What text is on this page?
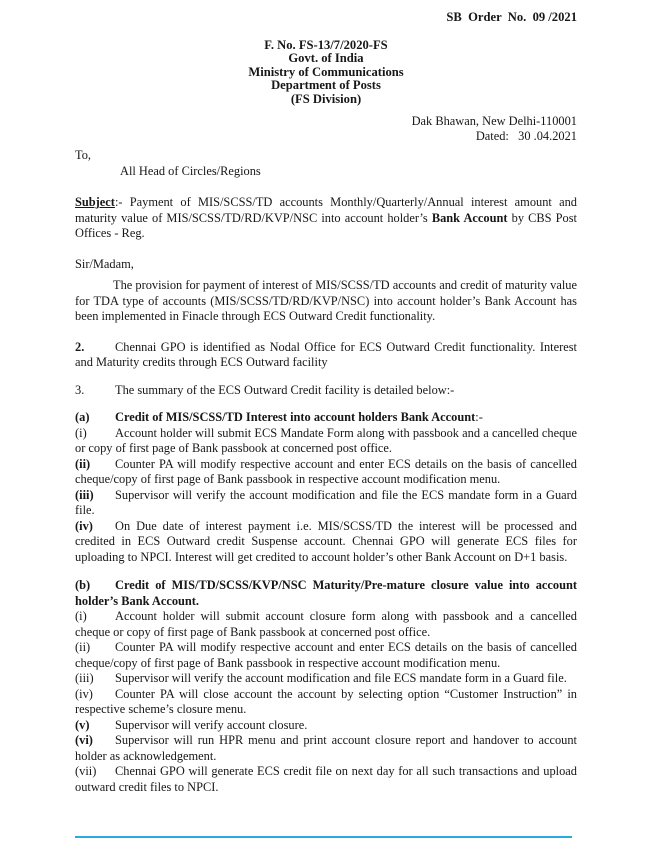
SB  Order  No.  09 /2021

F. No. FS-13/7/2020-FS
Govt. of India
Ministry of Communications
Department of Posts
(FS Division)
Dak Bhawan, New Delhi-110001
Dated:   30 .04.2021

To,

All Head of Circles/Regions

Subject:- Payment of MIS/SCSS/TD accounts Monthly/Quarterly/Annual interest amount and maturity value of MIS/SCSS/TD/RD/KVP/NSC into account holder’s Bank Account by CBS Post Offices - Reg.

Sir/Madam,

The provision for payment of interest of MIS/SCSS/TD accounts and credit of maturity value for TDA type of accounts (MIS/SCSS/TD/RD/KVP/NSC) into account holder’s Bank Account has been implemented in Finacle through ECS Outward Credit functionality.

2. Chennai GPO is identified as Nodal Office for ECS Outward Credit functionality. Interest and Maturity credits through ECS Outward facility

3. The summary of the ECS Outward Credit facility is detailed below:-

(a) Credit of MIS/SCSS/TD Interest into account holders Bank Account:-

(i) Account holder will submit ECS Mandate Form along with passbook and a cancelled cheque or copy of first page of Bank passbook at concerned post office.

(ii) Counter PA will modify respective account and enter ECS details on the basis of cancelled cheque/copy of first page of Bank passbook in respective account modification menu.

(iii) Supervisor will verify the account modification and file the ECS mandate form in a Guard file.

(iv) On Due date of interest payment i.e. MIS/SCSS/TD the interest will be processed and credited in ECS Outward credit Suspense account. Chennai GPO will generate ECS files for uploading to NPCI. Interest will get credited to account holder’s other Bank Account on D+1 basis.

(b) Credit of MIS/TD/SCSS/KVP/NSC Maturity/Pre-mature closure value into account holder’s Bank Account.

(i) Account holder will submit account closure form along with passbook and a cancelled cheque or copy of first page of Bank passbook at concerned post office.

(ii) Counter PA will modify respective account and enter ECS details on the basis of cancelled cheque/copy of first page of Bank passbook in respective account modification menu.

(iii) Supervisor will verify the account modification and file ECS mandate form in a Guard file.

(iv) Counter PA will close account the account by selecting option “Customer Instruction” in respective scheme’s closure menu.

(v) Supervisor will verify account closure.

(vi) Supervisor will run HPR menu and print account closure report and handover to account holder as acknowledgement.

(vii) Chennai GPO will generate ECS credit file on next day for all such transactions and upload outward credit files to NPCI.
